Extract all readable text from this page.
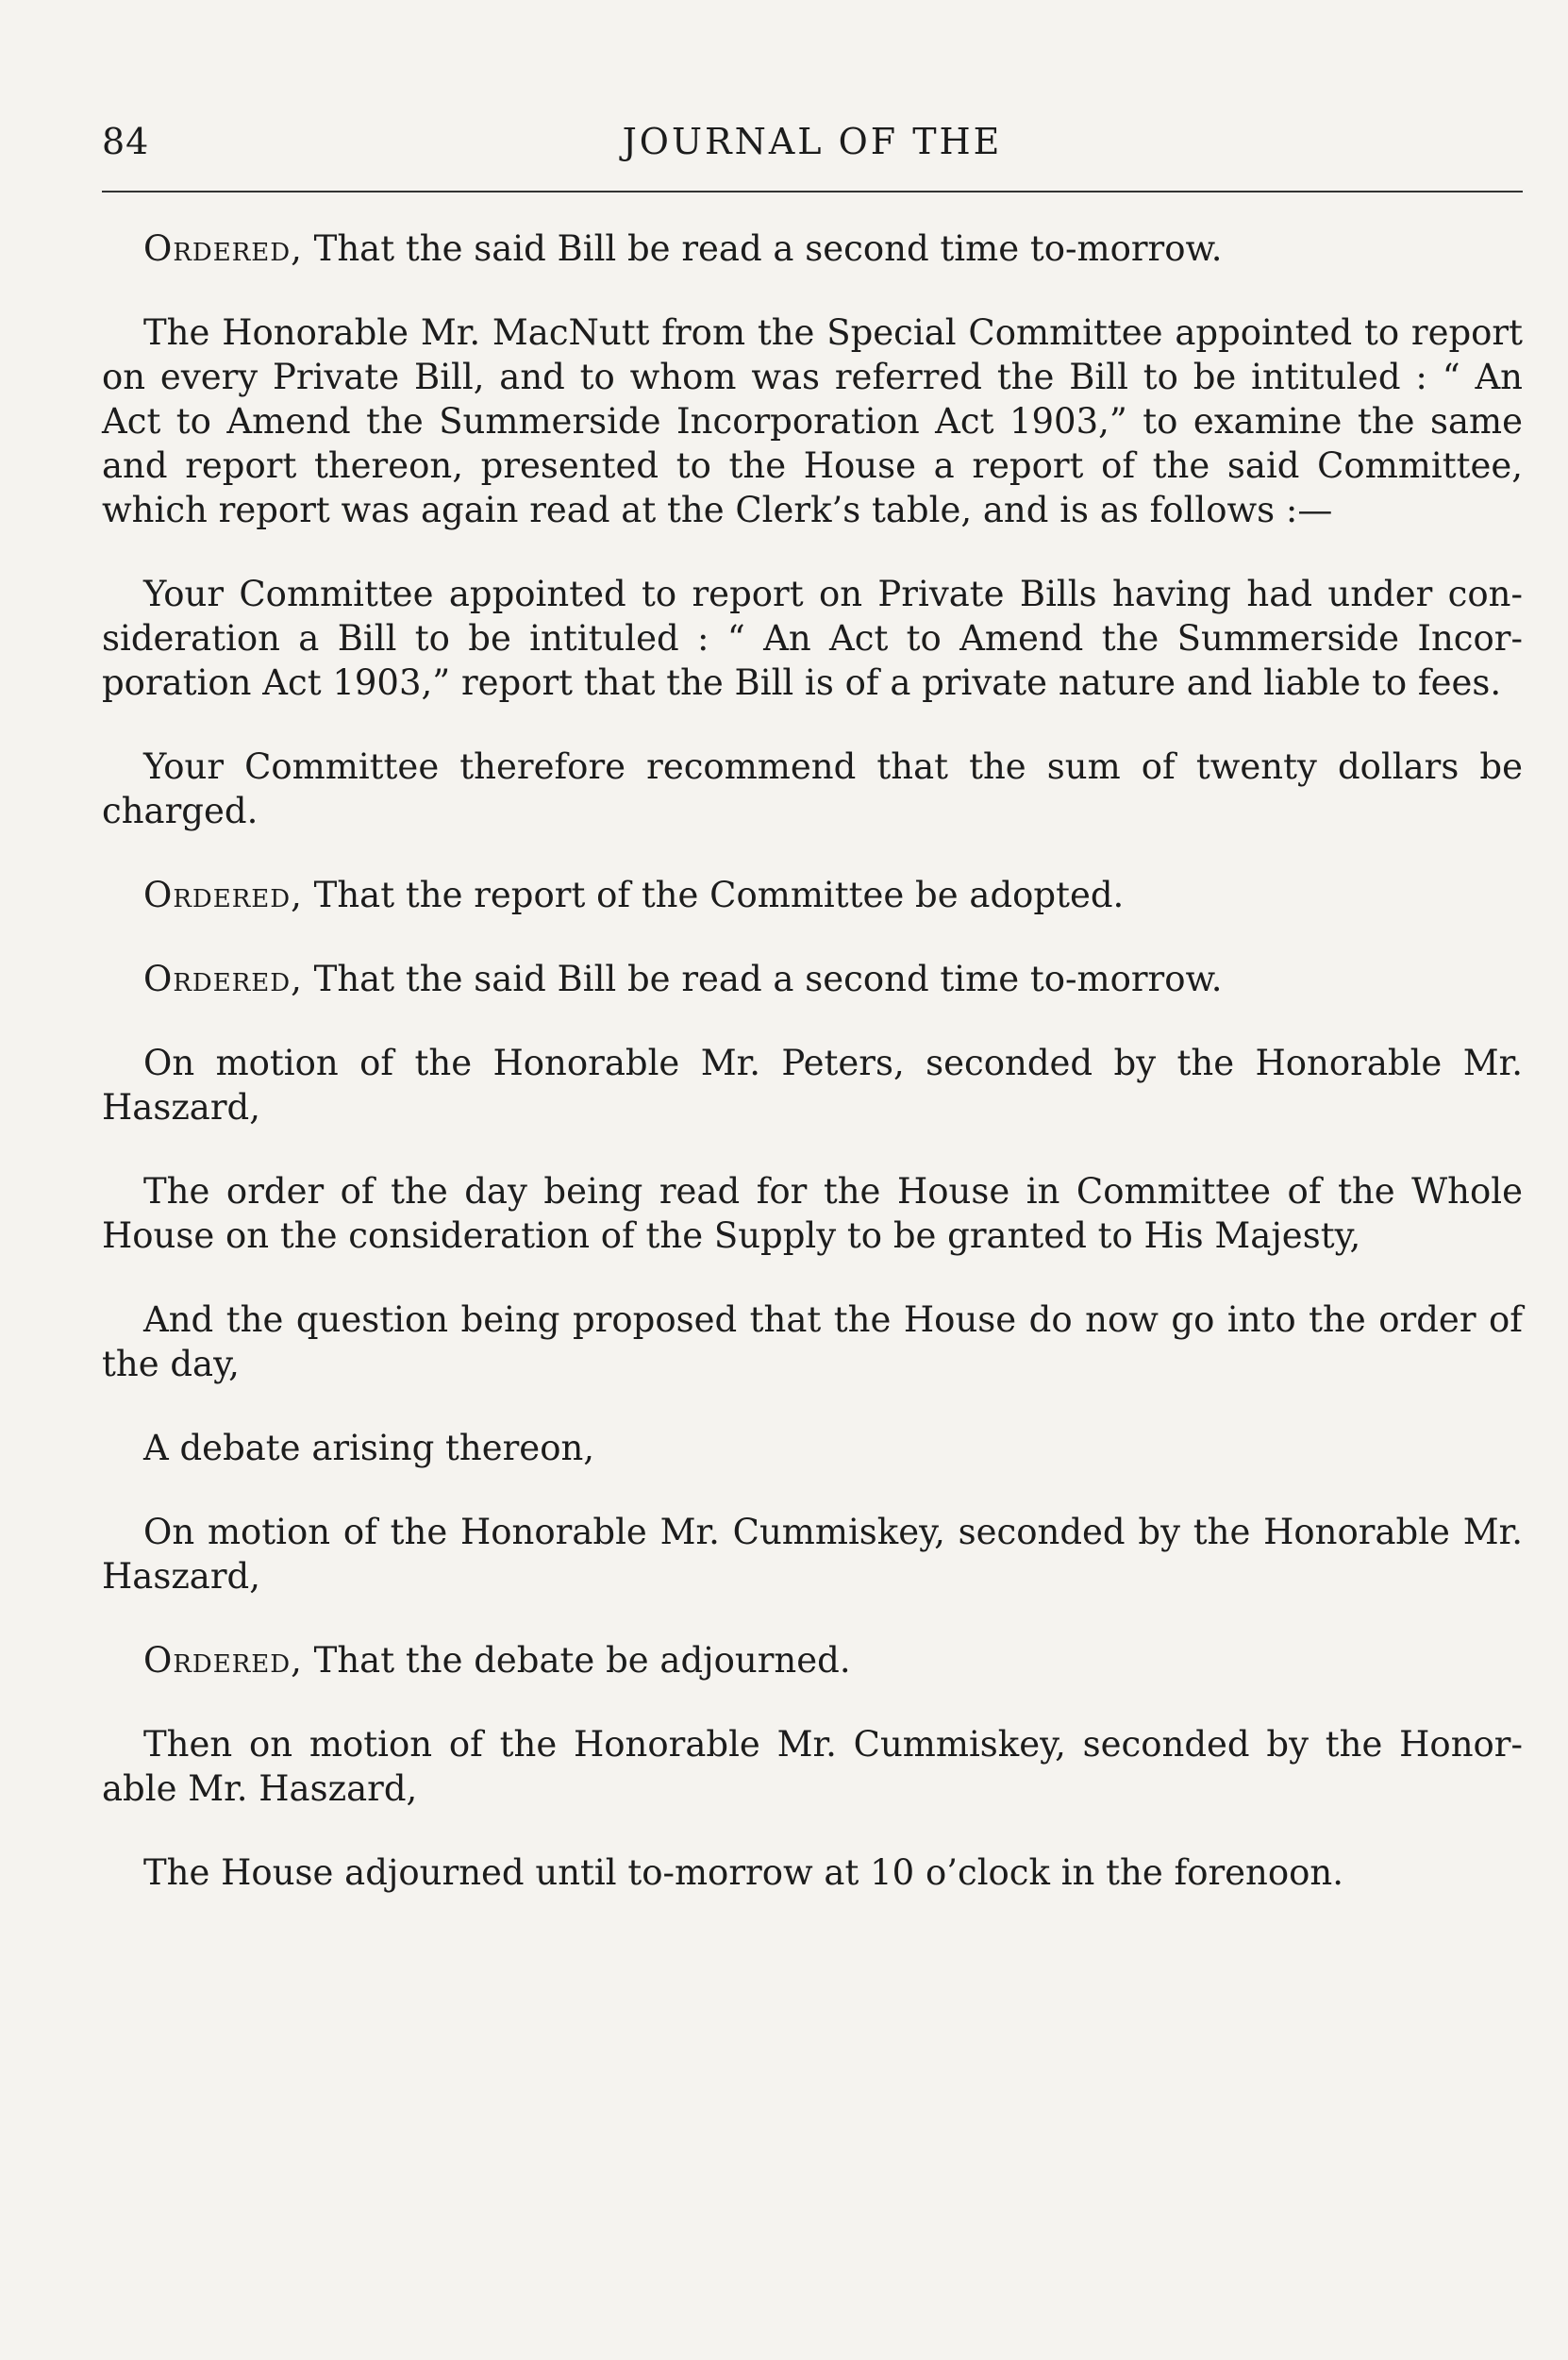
84	JOURNAL OF THE

Ordered, That the said Bill be read a second time to-morrow.

The Honorable Mr. MacNutt from the Special Committee appointed to report on every Private Bill, and to whom was referred the Bill to be intituled : “ An Act to Amend the Summerside Incorporation Act 1903,” to examine the same and report thereon, presented to the House a report of the said Committee, which report was again read at the Clerk’s table, and is as follows :—

Your Committee appointed to report on Private Bills having had under consideration a Bill to be intituled : “ An Act to Amend the Summerside Incorporation Act 1903,” report that the Bill is of a private nature and liable to fees.

Your Committee therefore recommend that the sum of twenty dollars be charged.

Ordered, That the report of the Committee be adopted.

Ordered, That the said Bill be read a second time to-morrow.

On motion of the Honorable Mr. Peters, seconded by the Honorable Mr. Haszard,

The order of the day being read for the House in Committee of the Whole House on the consideration of the Supply to be granted to His Majesty,

And the question being proposed that the House do now go into the order of the day,

A debate arising thereon,

On motion of the Honorable Mr. Cummiskey, seconded by the Honorable Mr. Haszard,

Ordered, That the debate be adjourned.

Then on motion of the Honorable Mr. Cummiskey, seconded by the Honorable Mr. Haszard,

The House adjourned until to-morrow at 10 o’clock in the forenoon.
